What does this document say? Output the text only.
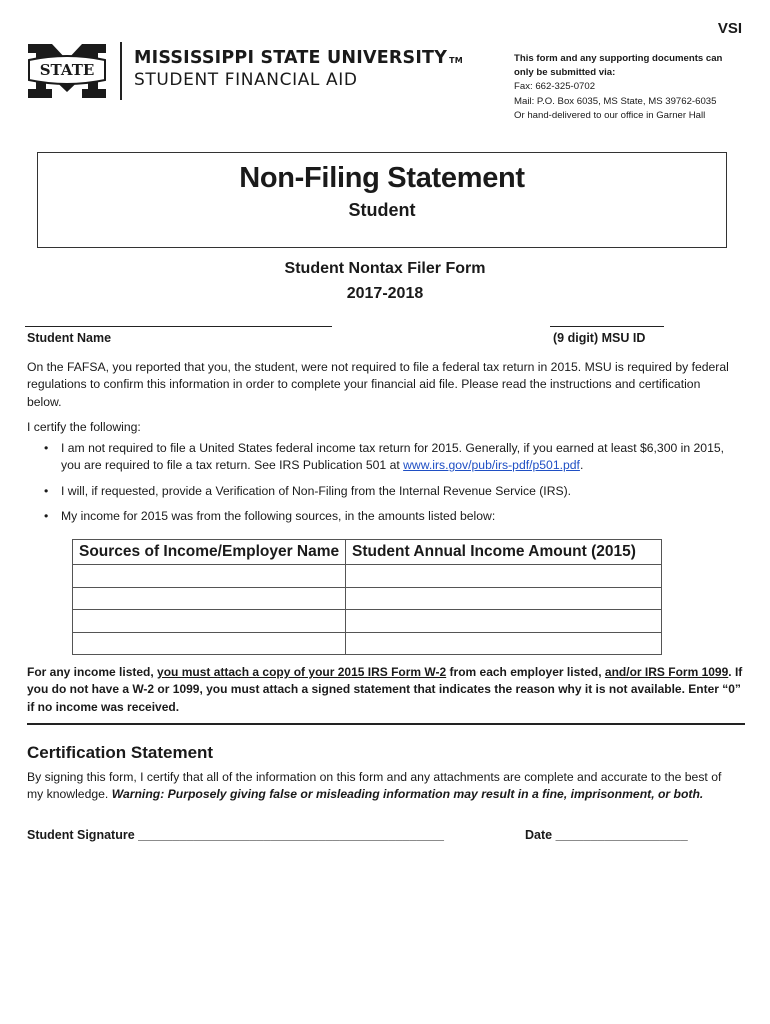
VSI
STATE
MISSISSIPPI STATE UNIVERSITY TM
STUDENT FINANCIAL AID
This form and any supporting documents can
only be submitted via:
Fax: 662-325-0702
Mail: P.O. Box 6035, MS State, MS 39762-6035
Or hand-delivered to our office in Garner Hall
Non-Filing Statement
Student
Student Nontax Filer Form
2017-2018
Student Name	(9 digit) MSU ID
On the FAFSA, you reported that you, the student, were not required to file a federal tax return in 2015. MSU is required by federal regulations to confirm this information in order to complete your financial aid file. Please read the instructions and certification below.
I certify the following:
• I am not required to file a United States federal income tax return for 2015. Generally, if you earned at least $6,300 in 2015, you are required to file a tax return. See IRS Publication 501 at www.irs.gov/pub/irs-pdf/p501.pdf.
• I will, if requested, provide a Verification of Non-Filing from the Internal Revenue Service (IRS).
• My income for 2015 was from the following sources, in the amounts listed below:
Sources of Income/Employer Name	Student Annual Income Amount (2015)

For any income listed, you must attach a copy of your 2015 IRS Form W-2 from each employer listed, and/or IRS Form 1099. If you do not have a W-2 or 1099, you must attach a signed statement that indicates the reason why it is not available. Enter “0” if no income was received.
Certification Statement
By signing this form, I certify that all of the information on this form and any attachments are complete and accurate to the best of my knowledge. Warning: Purposely giving false or misleading information may result in a fine, imprisonment, or both.
Student Signature ____________________________________________	Date ___________________
